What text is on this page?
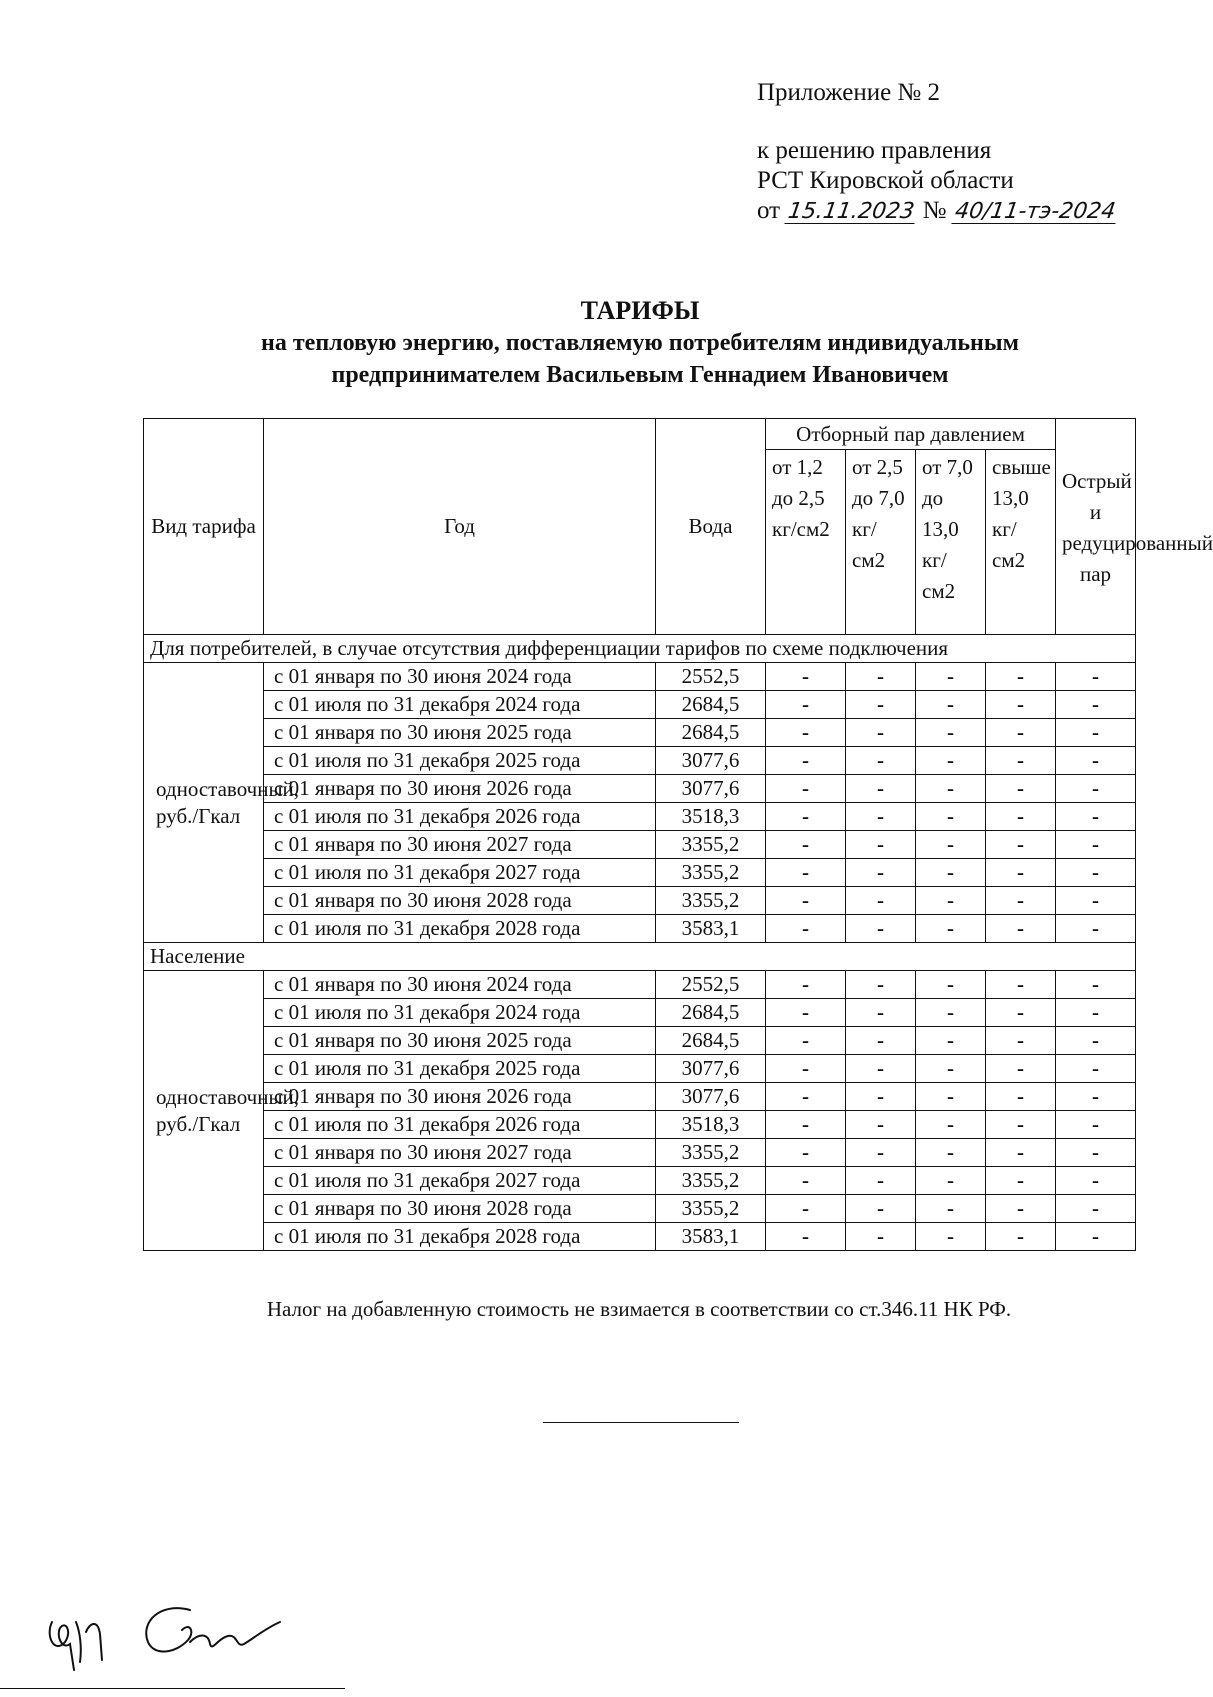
Приложение № 2
к решению правления
РСТ Кировской области
от 15.11.2023 № 40/11-тэ-2024
ТАРИФЫ
на тепловую энергию, поставляемую потребителям индивидуальным
предпринимателем Васильевым Геннадием Ивановичем
Вид тарифа	Год	Вода	Отборный пар давлением				Острый и редуцированный пар
			от 1,2 до 2,5 кг/см2	от 2,5 до 7,0 кг/см2	от 7,0 до 13,0 кг/см2	свыше 13,0 кг/см2	
Для потребителей, в случае отсутствия дифференциации тарифов по схеме подключения							
одноставочный, руб./Гкал	с 01 января по 30 июня 2024 года	2552,5	-	-	-	-	-
	с 01 июля по 31 декабря 2024 года	2684,5	-	-	-	-	-
	с 01 января по 30 июня 2025 года	2684,5	-	-	-	-	-
	с 01 июля по 31 декабря 2025 года	3077,6	-	-	-	-	-
	с 01 января по 30 июня 2026 года	3077,6	-	-	-	-	-
	с 01 июля по 31 декабря 2026 года	3518,3	-	-	-	-	-
	с 01 января по 30 июня 2027 года	3355,2	-	-	-	-	-
	с 01 июля по 31 декабря 2027 года	3355,2	-	-	-	-	-
	с 01 января по 30 июня 2028 года	3355,2	-	-	-	-	-
	с 01 июля по 31 декабря 2028 года	3583,1	-	-	-	-	-
Население							
одноставочный, руб./Гкал	с 01 января по 30 июня 2024 года	2552,5	-	-	-	-	-
	с 01 июля по 31 декабря 2024 года	2684,5	-	-	-	-	-
	с 01 января по 30 июня 2025 года	2684,5	-	-	-	-	-
	с 01 июля по 31 декабря 2025 года	3077,6	-	-	-	-	-
	с 01 января по 30 июня 2026 года	3077,6	-	-	-	-	-
	с 01 июля по 31 декабря 2026 года	3518,3	-	-	-	-	-
	с 01 января по 30 июня 2027 года	3355,2	-	-	-	-	-
	с 01 июля по 31 декабря 2027 года	3355,2	-	-	-	-	-
	с 01 января по 30 июня 2028 года	3355,2	-	-	-	-	-
	с 01 июля по 31 декабря 2028 года	3583,1	-	-	-	-	-
Налог на добавленную стоимость не взимается в соответствии со ст.346.11 НК РФ.
